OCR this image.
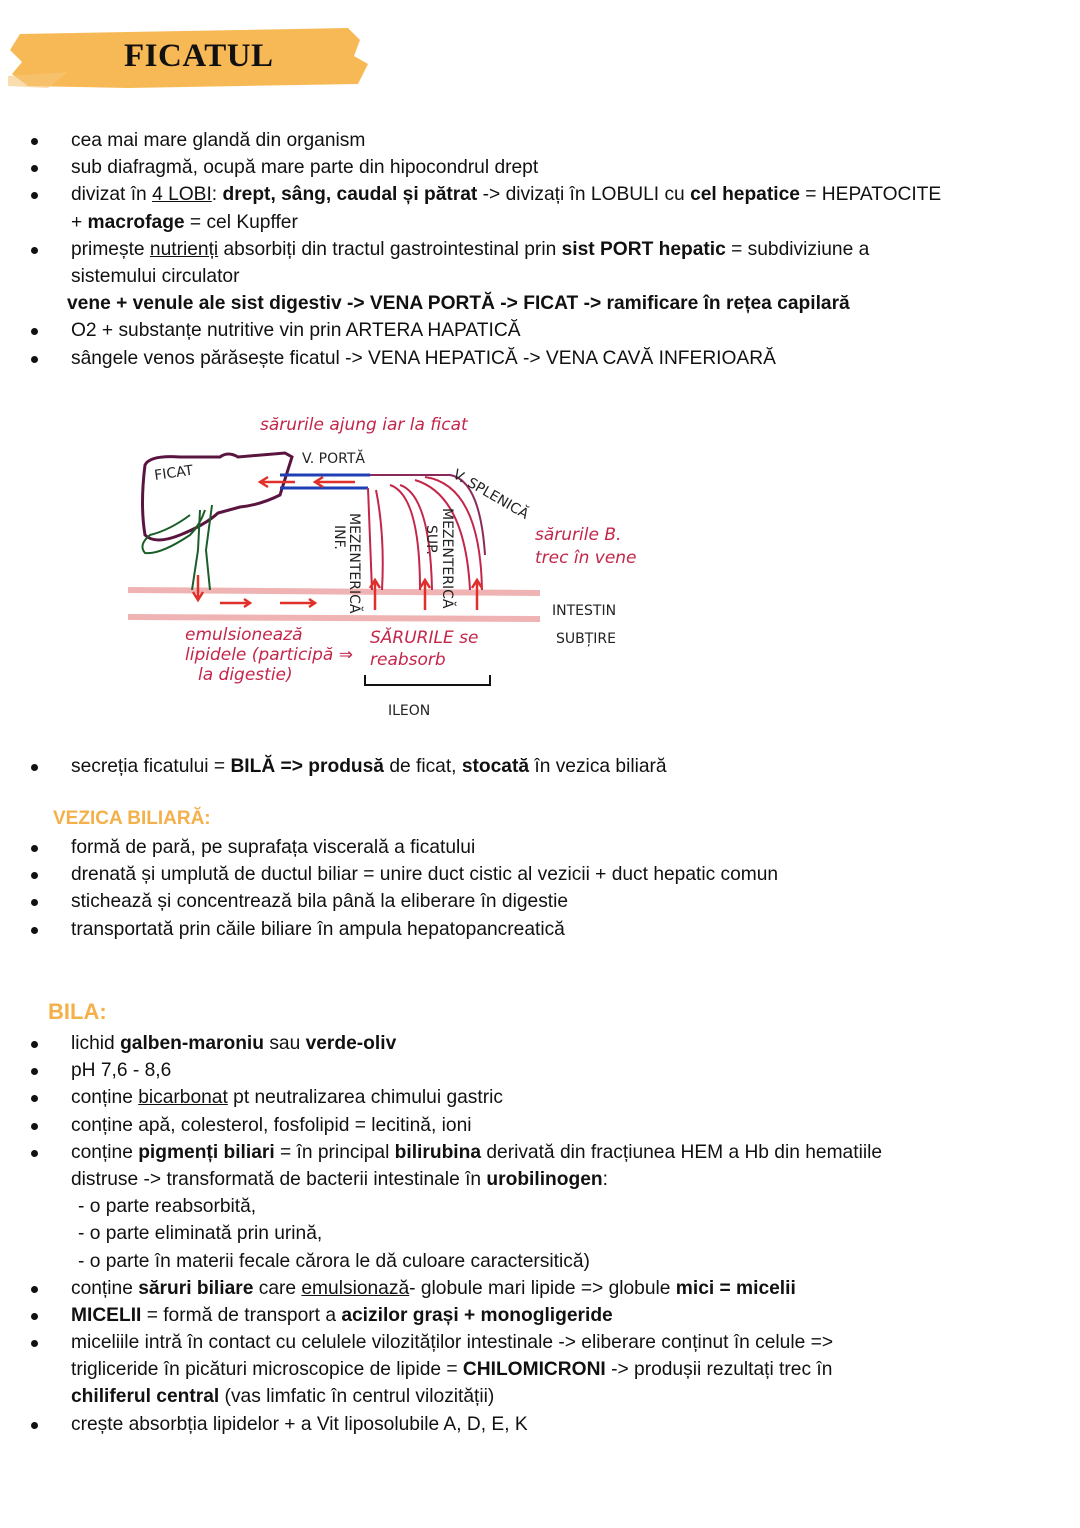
FICATUL
cea mai mare glandă din organism
sub diafragmă, ocupă mare parte din hipocondrul drept
divizat în 4 LOBI: drept, sâng, caudal și pătrat -> divizați în LOBULI cu cel hepatice = HEPATOCITE
+ macrofage = cel Kupffer
primește nutrienți absorbiți din tractul gastrointestinal prin sist PORT hepatic = subdiviziune a
sistemului circulator
vene + venule ale sist digestiv -> VENA PORTĂ -> FICAT -> ramificare în rețea capilară
O2 + substanțe nutritive vin prin ARTERA HAPATICĂ
sângele venos părăsește ficatul -> VENA HEPATICĂ -> VENA CAVĂ INFERIOARĂ
sărurile ajung iar la ficat
FICAT
V. PORTĂ
V. SPLENICĂ
MEZENTERICĂ
INF.	MEZENTERICĂ
SUP.	sărurile B.
trec în vene
INTESTIN
SUBȚIRE
emulsionează
lipidele (participă ⇒
la digestie)
SĂRURILE se
reabsorb
ILEON
secreția ficatului = BILĂ => produsă de ficat, stocată în vezica biliară
VEZICA BILIARĂ:
formă de pară, pe suprafața viscerală a ficatului
drenată și umplută de ductul biliar = unire duct cistic al vezicii + duct hepatic comun
stichează și concentrează bila până la eliberare în digestie
transportată prin căile biliare în ampula hepatopancreatică
BILA:
lichid galben-maroniu sau verde-oliv
pH 7,6 - 8,6
conține bicarbonat pt neutralizarea chimului gastric
conține apă, colesterol, fosfolipid = lecitină, ioni
conține pigmenți biliari = în principal bilirubina derivată din fracțiunea HEM a Hb din hematiile
distruse -> transformată de bacterii intestinale în urobilinogen:
- o parte reabsorbită,
- o parte eliminată prin urină,
- o parte în materii fecale cărora le dă culoare caractersitică)
conține săruri biliare care emulsionază- globule mari lipide => globule mici = micelii
MICELII = formă de transport a acizilor grași + monogligeride
miceliile intră în contact cu celulele vilozităților intestinale -> eliberare conținut în celule =>
trigliceride în picături microscopice de lipide = CHILOMICRONI -> produșii rezultați trec în
chiliferul central (vas limfatic în centrul vilozității)
crește absorbția lipidelor + a Vit liposolubile A, D, E, K
